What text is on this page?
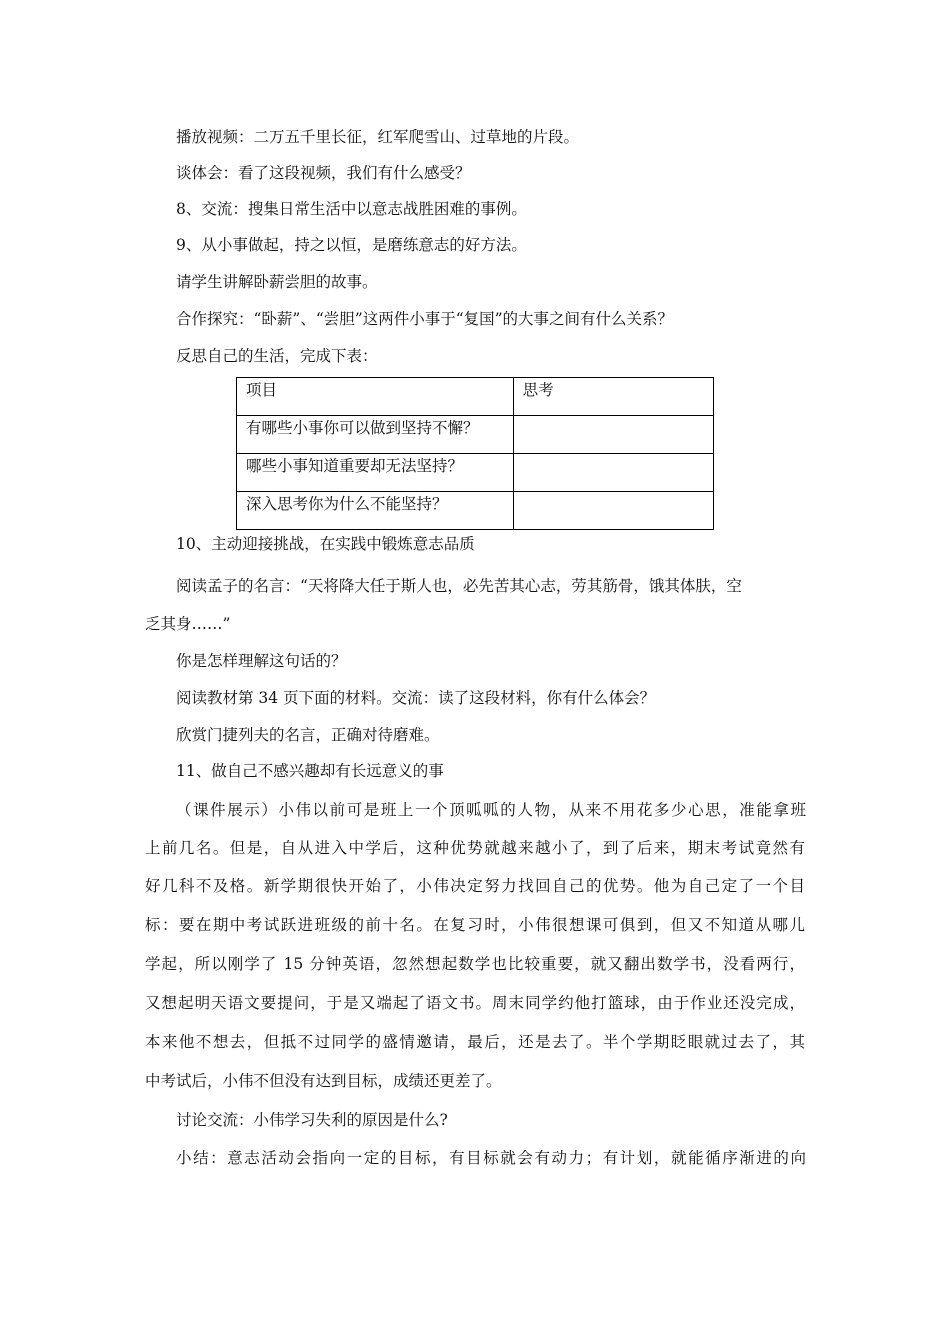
播放视频：二万五千里长征，红军爬雪山、过草地的片段。
谈体会：看了这段视频，我们有什么感受？
8、交流：搜集日常生活中以意志战胜困难的事例。
9、从小事做起，持之以恒，是磨练意志的好方法。
请学生讲解卧薪尝胆的故事。
合作探究：“卧薪”、“尝胆”这两件小事于“复国”的大事之间有什么关系？
反思自己的生活，完成下表：
项目	思考
有哪些小事你可以做到坚持不懈？	
哪些小事知道重要却无法坚持？	
深入思考你为什么不能坚持？	
10、主动迎接挑战，在实践中锻炼意志品质
阅读孟子的名言：“天将降大任于斯人也，必先苦其心志，劳其筋骨，饿其体肤，空
乏其身……”
你是怎样理解这句话的？
阅读教材第 34 页下面的材料。交流：读了这段材料，你有什么体会？
欣赏门捷列夫的名言，正确对待磨难。
11、做自己不感兴趣却有长远意义的事
（课件展示）小伟以前可是班上一个顶呱呱的人物，从来不用花多少心思，准能拿班
上前几名。但是，自从进入中学后，这种优势就越来越小了，到了后来，期末考试竟然有
好几科不及格。新学期很快开始了，小伟决定努力找回自己的优势。他为自己定了一个目
标：要在期中考试跃进班级的前十名。在复习时，小伟很想课可俱到，但又不知道从哪儿
学起，所以刚学了 15 分钟英语，忽然想起数学也比较重要，就又翻出数学书，没看两行，
又想起明天语文要提问，于是又端起了语文书。周末同学约他打篮球，由于作业还没完成，
本来他不想去，但抵不过同学的盛情邀请，最后，还是去了。半个学期眨眼就过去了，其
中考试后，小伟不但没有达到目标，成绩还更差了。
讨论交流：小伟学习失利的原因是什么?
小结：意志活动会指向一定的目标，有目标就会有动力；有计划，就能循序渐进的向
